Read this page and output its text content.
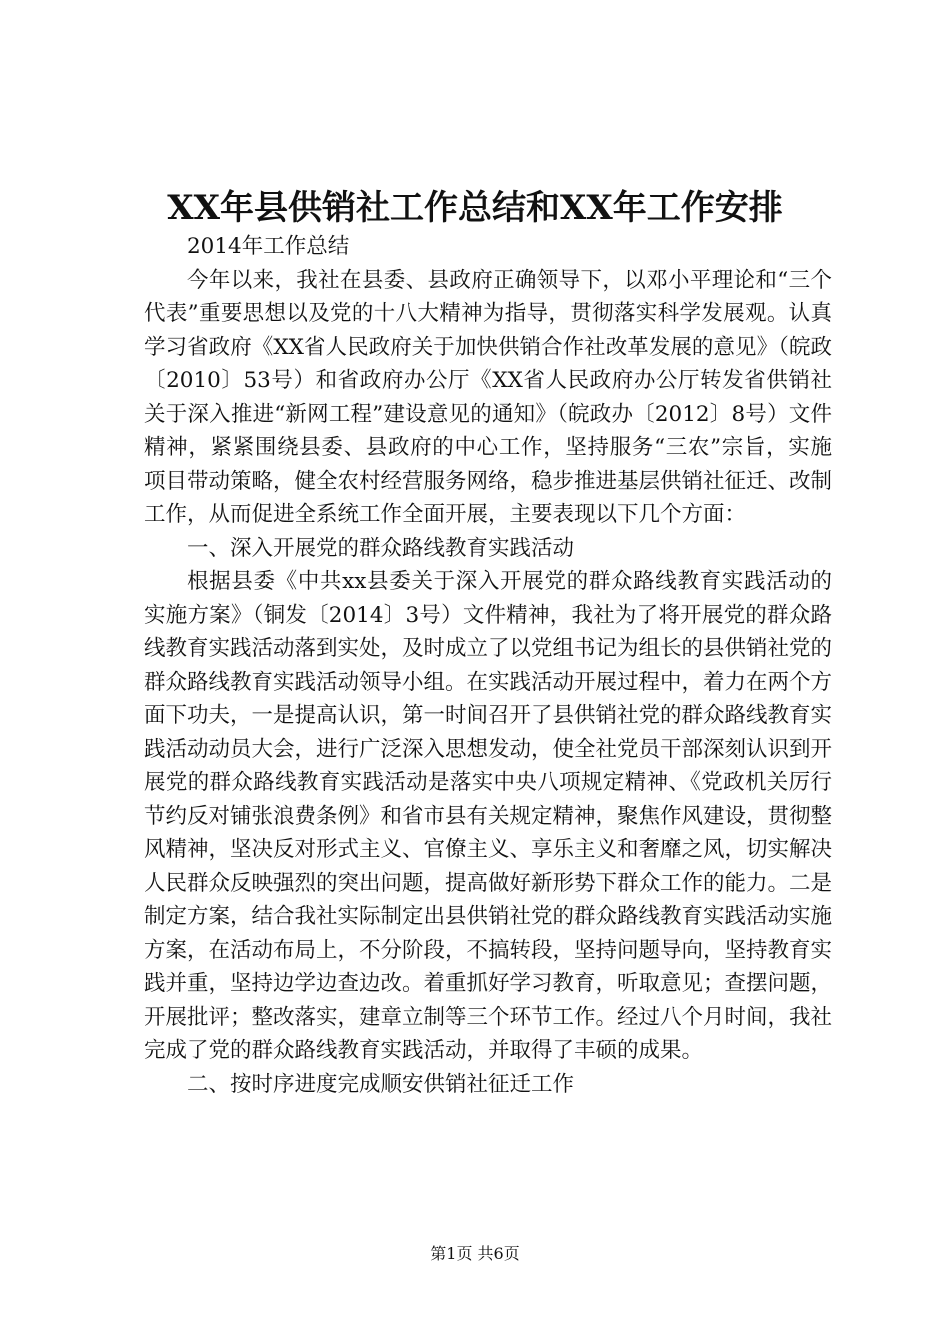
XX年县供销社工作总结和XX年工作安排

2014年工作总结

今年以来，我社在县委、县政府正确领导下，以邓小平理论和“三个代表”重要思想以及党的十八大精神为指导，贯彻落实科学发展观。认真学习省政府《XX省人民政府关于加快供销合作社改革发展的意见》（皖政〔2010〕53号）和省政府办公厅《XX省人民政府办公厅转发省供销社关于深入推进“新网工程”建设意见的通知》（皖政办〔2012〕8号）文件精神，紧紧围绕县委、县政府的中心工作，坚持服务“三农”宗旨，实施项目带动策略，健全农村经营服务网络，稳步推进基层供销社征迁、改制工作，从而促进全系统工作全面开展，主要表现以下几个方面：

一、深入开展党的群众路线教育实践活动

根据县委《中共xx县委关于深入开展党的群众路线教育实践活动的实施方案》（铜发〔2014〕3号）文件精神，我社为了将开展党的群众路线教育实践活动落到实处，及时成立了以党组书记为组长的县供销社党的群众路线教育实践活动领导小组。在实践活动开展过程中，着力在两个方面下功夫，一是提高认识，第一时间召开了县供销社党的群众路线教育实践活动动员大会，进行广泛深入思想发动，使全社党员干部深刻认识到开展党的群众路线教育实践活动是落实中央八项规定精神、《党政机关厉行节约反对铺张浪费条例》和省市县有关规定精神，聚焦作风建设，贯彻整风精神，坚决反对形式主义、官僚主义、享乐主义和奢靡之风，切实解决人民群众反映强烈的突出问题，提高做好新形势下群众工作的能力。二是制定方案，结合我社实际制定出县供销社党的群众路线教育实践活动实施方案，在活动布局上，不分阶段，不搞转段，坚持问题导向，坚持教育实践并重，坚持边学边查边改。着重抓好学习教育，听取意见；查摆问题，开展批评；整改落实，建章立制等三个环节工作。经过八个月时间，我社完成了党的群众路线教育实践活动，并取得了丰硕的成果。

二、按时序进度完成顺安供销社征迁工作

第1页 共6页
